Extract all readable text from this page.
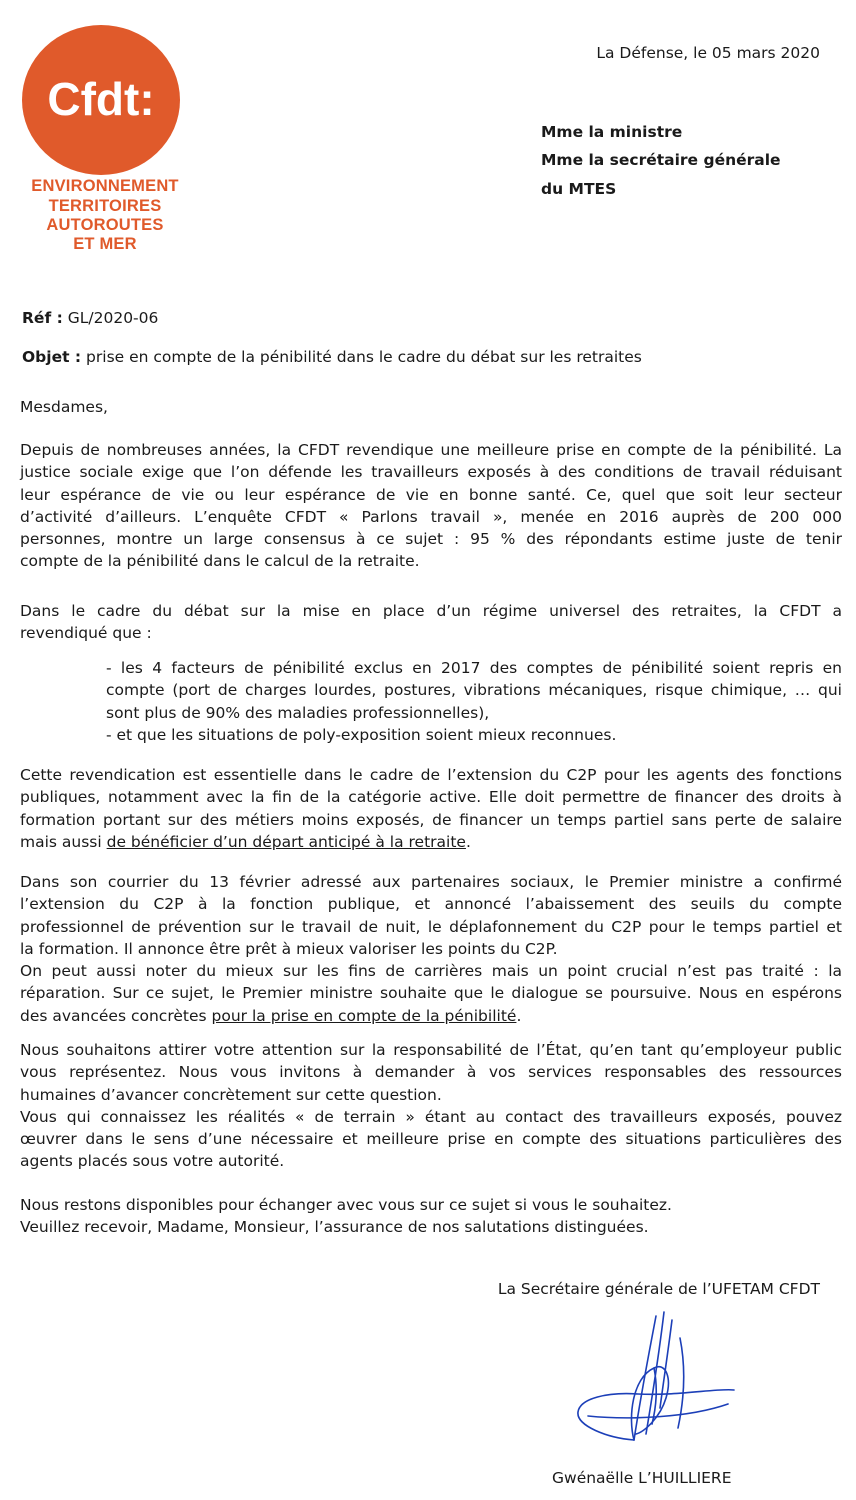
Cfdt:
ENVIRONNEMENT
TERRITOIRES
AUTOROUTES
ET MER
La Défense, le 05 mars 2020
Mme la ministre
Mme la secrétaire générale
du MTES
Réf : GL/2020-06
Objet : prise en compte de la pénibilité dans le cadre du débat sur les retraites
Mesdames,
Depuis de nombreuses années, la CFDT revendique une meilleure prise en compte de la pénibilité. La
justice sociale exige que l’on défende les travailleurs exposés à des conditions de travail réduisant
leur espérance de vie ou leur espérance de vie en bonne santé. Ce, quel que soit leur secteur
d’activité d’ailleurs. L’enquête CFDT « Parlons travail », menée en 2016 auprès de 200 000
personnes, montre un large consensus à ce sujet : 95 % des répondants estime juste de tenir
compte de la pénibilité dans le calcul de la retraite.
Dans le cadre du débat sur la mise en place d’un régime universel des retraites, la CFDT a
revendiqué que :
- les 4 facteurs de pénibilité exclus en 2017 des comptes de pénibilité soient repris en
compte (port de charges lourdes, postures, vibrations mécaniques, risque chimique, … qui
sont plus de 90% des maladies professionnelles),
- et que les situations de poly-exposition soient mieux reconnues.
Cette revendication est essentielle dans le cadre de l’extension du C2P pour les agents des fonctions
publiques, notamment avec la fin de la catégorie active. Elle doit permettre de financer des droits à
formation portant sur des métiers moins exposés, de financer un temps partiel sans perte de salaire
mais aussi de bénéficier d’un départ anticipé à la retraite.
Dans son courrier du 13 février adressé aux partenaires sociaux, le Premier ministre a confirmé
l’extension du C2P à la fonction publique, et annoncé l’abaissement des seuils du compte
professionnel de prévention sur le travail de nuit, le déplafonnement du C2P pour le temps partiel et
la formation. Il annonce être prêt à mieux valoriser les points du C2P.
On peut aussi noter du mieux sur les fins de carrières mais un point crucial n’est pas traité : la
réparation. Sur ce sujet, le Premier ministre souhaite que le dialogue se poursuive. Nous en espérons
des avancées concrètes pour la prise en compte de la pénibilité.
Nous souhaitons attirer votre attention sur la responsabilité de l’État, qu’en tant qu’employeur public
vous représentez. Nous vous invitons à demander à vos services responsables des ressources
humaines d’avancer concrètement sur cette question.
Vous qui connaissez les réalités « de terrain » étant au contact des travailleurs exposés, pouvez
œuvrer dans le sens d’une nécessaire et meilleure prise en compte des situations particulières des
agents placés sous votre autorité.
Nous restons disponibles pour échanger avec vous sur ce sujet si vous le souhaitez.
Veuillez recevoir, Madame, Monsieur, l’assurance de nos salutations distinguées.
La Secrétaire générale de l’UFETAM CFDT
Gwénaëlle L’HUILLIERE
